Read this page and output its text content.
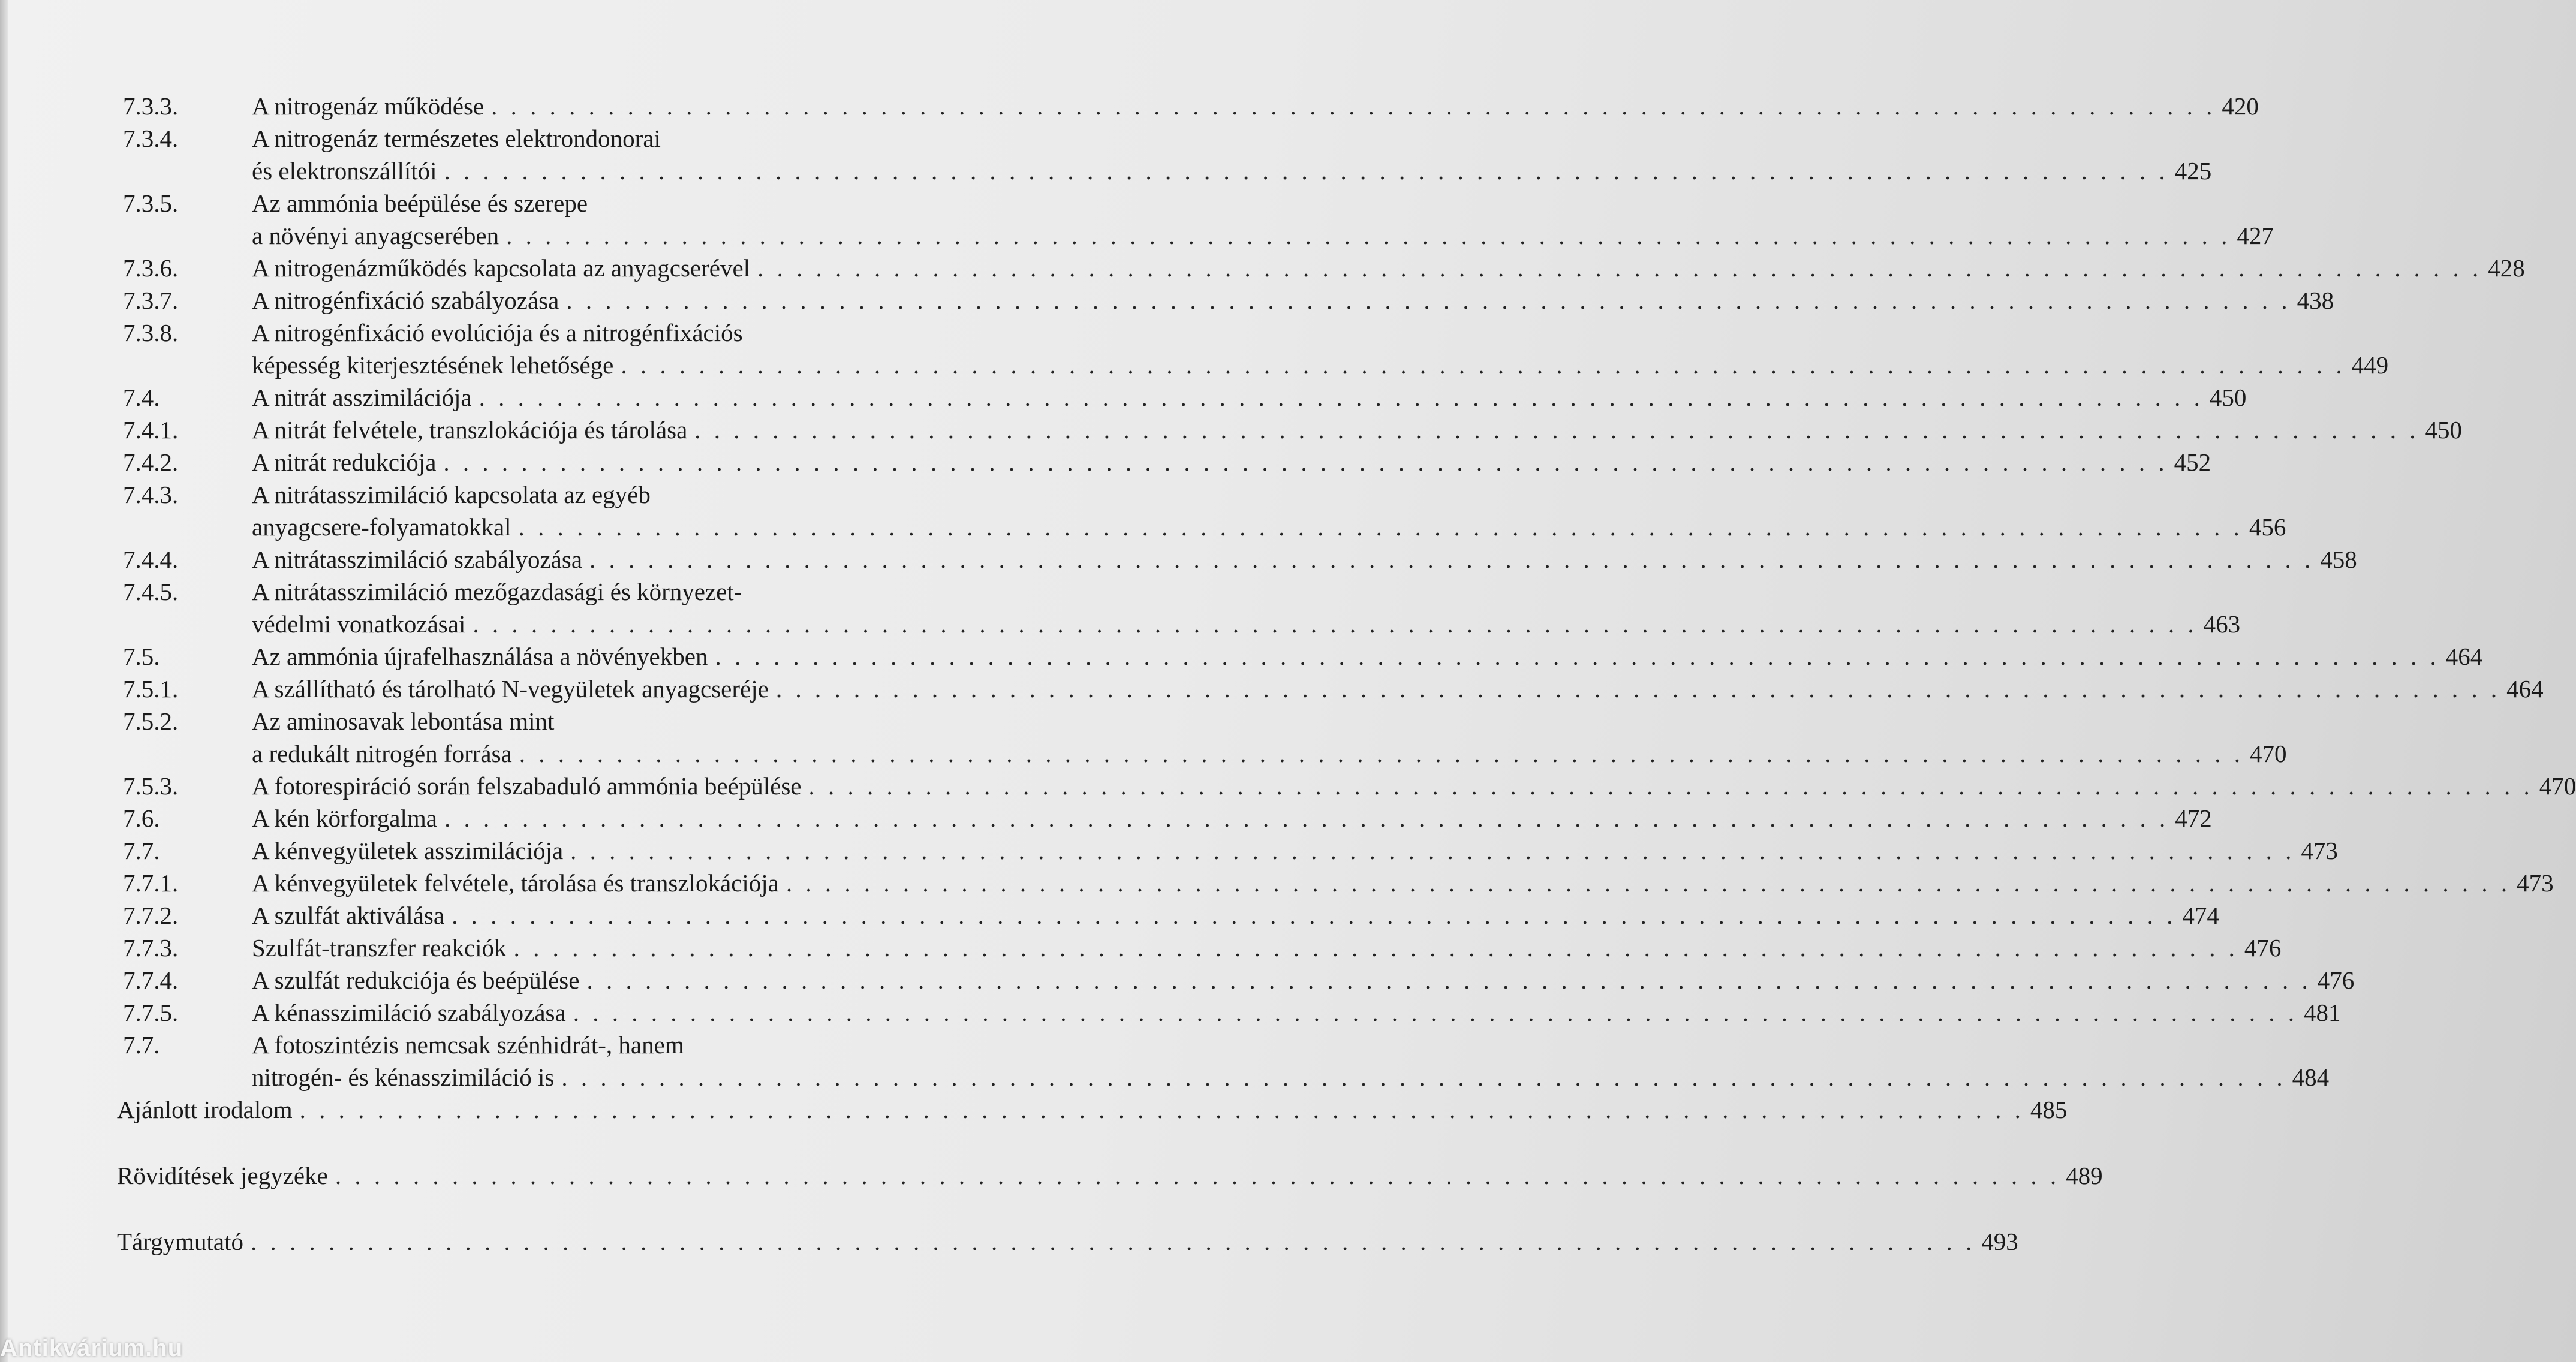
7.3.3.	A nitrogenáz működése . . . . . . . . . . . . . . . . . . . . . . . . . . . . . . . . . . . . . . . . . . . . . . . . . . . . . . . . . . . . . . . . . . . . . . . . . . . . . . . . . . . . . . . . . 420
7.3.4.	A nitrogenáz természetes elektrondonorai
és elektronszállítói . . . . . . . . . . . . . . . . . . . . . . . . . . . . . . . . . . . . . . . . . . . . . . . . . . . . . . . . . . . . . . . . . . . . . . . . . . . . . . . . . . . . . . . . . 425
7.3.5.	Az ammónia beépülése és szerepe
a növényi anyagcserében . . . . . . . . . . . . . . . . . . . . . . . . . . . . . . . . . . . . . . . . . . . . . . . . . . . . . . . . . . . . . . . . . . . . . . . . . . . . . . . . . . . . . . . . . 427
7.3.6.	A nitrogenázműködés kapcsolata az anyagcserével . . . . . . . . . . . . . . . . . . . . . . . . . . . . . . . . . . . . . . . . . . . . . . . . . . . . . . . . . . . . . . . . . . . . . . . . . . . . . . . . . . . . . . . . . 428
7.3.7.	A nitrogénfixáció szabályozása . . . . . . . . . . . . . . . . . . . . . . . . . . . . . . . . . . . . . . . . . . . . . . . . . . . . . . . . . . . . . . . . . . . . . . . . . . . . . . . . . . . . . . . . . 438
7.3.8.	A nitrogénfixáció evolúciója és a nitrogénfixációs
képesség kiterjesztésének lehetősége . . . . . . . . . . . . . . . . . . . . . . . . . . . . . . . . . . . . . . . . . . . . . . . . . . . . . . . . . . . . . . . . . . . . . . . . . . . . . . . . . . . . . . . . . 449
7.4.	A nitrát asszimilációja . . . . . . . . . . . . . . . . . . . . . . . . . . . . . . . . . . . . . . . . . . . . . . . . . . . . . . . . . . . . . . . . . . . . . . . . . . . . . . . . . . . . . . . . . 450
7.4.1.	A nitrát felvétele, transzlokációja és tárolása . . . . . . . . . . . . . . . . . . . . . . . . . . . . . . . . . . . . . . . . . . . . . . . . . . . . . . . . . . . . . . . . . . . . . . . . . . . . . . . . . . . . . . . . . 450
7.4.2.	A nitrát redukciója . . . . . . . . . . . . . . . . . . . . . . . . . . . . . . . . . . . . . . . . . . . . . . . . . . . . . . . . . . . . . . . . . . . . . . . . . . . . . . . . . . . . . . . . . 452
7.4.3.	A nitrátasszimiláció kapcsolata az egyéb
anyagcsere-folyamatokkal . . . . . . . . . . . . . . . . . . . . . . . . . . . . . . . . . . . . . . . . . . . . . . . . . . . . . . . . . . . . . . . . . . . . . . . . . . . . . . . . . . . . . . . . . 456
7.4.4.	A nitrátasszimiláció szabályozása . . . . . . . . . . . . . . . . . . . . . . . . . . . . . . . . . . . . . . . . . . . . . . . . . . . . . . . . . . . . . . . . . . . . . . . . . . . . . . . . . . . . . . . . . 458
7.4.5.	A nitrátasszimiláció mezőgazdasági és környezet-
védelmi vonatkozásai . . . . . . . . . . . . . . . . . . . . . . . . . . . . . . . . . . . . . . . . . . . . . . . . . . . . . . . . . . . . . . . . . . . . . . . . . . . . . . . . . . . . . . . . . 463
7.5.	Az ammónia újrafelhasználása a növényekben . . . . . . . . . . . . . . . . . . . . . . . . . . . . . . . . . . . . . . . . . . . . . . . . . . . . . . . . . . . . . . . . . . . . . . . . . . . . . . . . . . . . . . . . . 464
7.5.1.	A szállítható és tárolható N-vegyületek anyagcseréje . . . . . . . . . . . . . . . . . . . . . . . . . . . . . . . . . . . . . . . . . . . . . . . . . . . . . . . . . . . . . . . . . . . . . . . . . . . . . . . . . . . . . . . . . 464
7.5.2.	Az aminosavak lebontása mint
a redukált nitrogén forrása . . . . . . . . . . . . . . . . . . . . . . . . . . . . . . . . . . . . . . . . . . . . . . . . . . . . . . . . . . . . . . . . . . . . . . . . . . . . . . . . . . . . . . . . . 470
7.5.3.	A fotorespiráció során felszabaduló ammónia beépülése . . . . . . . . . . . . . . . . . . . . . . . . . . . . . . . . . . . . . . . . . . . . . . . . . . . . . . . . . . . . . . . . . . . . . . . . . . . . . . . . . . . . . . . . . 470
7.6.	A kén körforgalma . . . . . . . . . . . . . . . . . . . . . . . . . . . . . . . . . . . . . . . . . . . . . . . . . . . . . . . . . . . . . . . . . . . . . . . . . . . . . . . . . . . . . . . . . 472
7.7.	A kénvegyületek asszimilációja . . . . . . . . . . . . . . . . . . . . . . . . . . . . . . . . . . . . . . . . . . . . . . . . . . . . . . . . . . . . . . . . . . . . . . . . . . . . . . . . . . . . . . . . . 473
7.7.1.	A kénvegyületek felvétele, tárolása és transzlokációja . . . . . . . . . . . . . . . . . . . . . . . . . . . . . . . . . . . . . . . . . . . . . . . . . . . . . . . . . . . . . . . . . . . . . . . . . . . . . . . . . . . . . . . . . 473
7.7.2.	A szulfát aktiválása . . . . . . . . . . . . . . . . . . . . . . . . . . . . . . . . . . . . . . . . . . . . . . . . . . . . . . . . . . . . . . . . . . . . . . . . . . . . . . . . . . . . . . . . . 474
7.7.3.	Szulfát-transzfer reakciók . . . . . . . . . . . . . . . . . . . . . . . . . . . . . . . . . . . . . . . . . . . . . . . . . . . . . . . . . . . . . . . . . . . . . . . . . . . . . . . . . . . . . . . . . 476
7.7.4.	A szulfát redukciója és beépülése . . . . . . . . . . . . . . . . . . . . . . . . . . . . . . . . . . . . . . . . . . . . . . . . . . . . . . . . . . . . . . . . . . . . . . . . . . . . . . . . . . . . . . . . . 476
7.7.5.	A kénasszimiláció szabályozása . . . . . . . . . . . . . . . . . . . . . . . . . . . . . . . . . . . . . . . . . . . . . . . . . . . . . . . . . . . . . . . . . . . . . . . . . . . . . . . . . . . . . . . . . 481
7.7.	A fotoszintézis nemcsak szénhidrát-, hanem
nitrogén- és kénasszimiláció is . . . . . . . . . . . . . . . . . . . . . . . . . . . . . . . . . . . . . . . . . . . . . . . . . . . . . . . . . . . . . . . . . . . . . . . . . . . . . . . . . . . . . . . . . 484
Ajánlott irodalom . . . . . . . . . . . . . . . . . . . . . . . . . . . . . . . . . . . . . . . . . . . . . . . . . . . . . . . . . . . . . . . . . . . . . . . . . . . . . . . . . . . . . . . . . 485
Rövidítések jegyzéke . . . . . . . . . . . . . . . . . . . . . . . . . . . . . . . . . . . . . . . . . . . . . . . . . . . . . . . . . . . . . . . . . . . . . . . . . . . . . . . . . . . . . . . . . 489
Tárgymutató . . . . . . . . . . . . . . . . . . . . . . . . . . . . . . . . . . . . . . . . . . . . . . . . . . . . . . . . . . . . . . . . . . . . . . . . . . . . . . . . . . . . . . . . . 493
Antikvárium.hu
